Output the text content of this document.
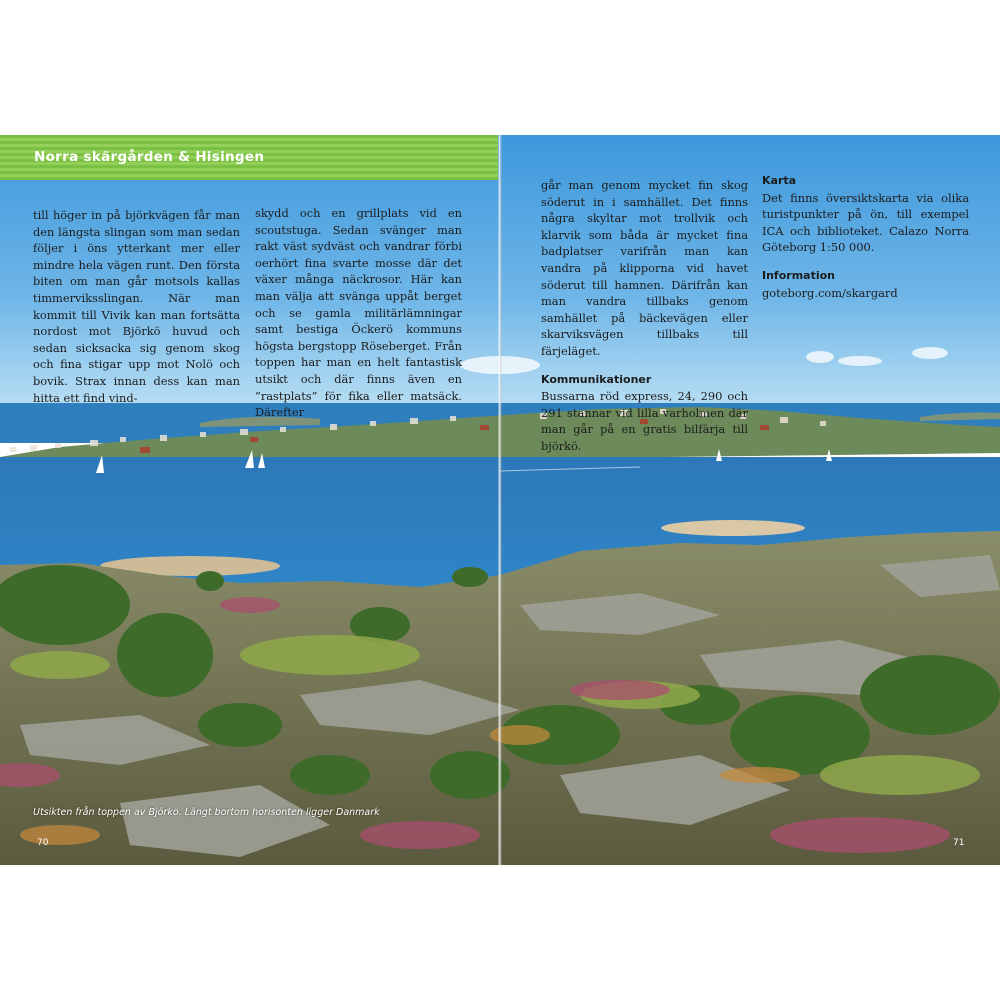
Norra skärgården & Hisingen

till höger in på björkvägen får man den längsta slingan som man sedan följer i öns ytterkant mer eller mindre hela vägen runt. Den första biten om man går motsols kallas timmerviksslingan. När man kommit till Vivik kan man fortsätta nordost mot Björkö huvud och sedan sicksacka sig genom skog och fina stigar upp mot Nolö och bovik. Strax innan dess kan man hitta ett find vind-

skydd och en grillplats vid en scoutstuga. Sedan svänger man rakt väst sydväst och vandrar förbi oerhört fina svarte mosse där det växer många näckrosor. Här kan man välja att svänga uppåt berget och se gamla militärlämningar samt bestiga Öckerö kommuns högsta bergstopp Röseberget. Från toppen har man en helt fantastisk utsikt och där finns även en ”rastplats” för fika eller matsäck. Därefter

går man genom mycket fin skog söderut in i samhället. Det finns några skyltar mot trollvik och klarvik som båda är mycket fina badplatser varifrån man kan vandra på klipporna vid havet söderut till hamnen. Därifrån kan man vandra tillbaks genom samhället på bäckevägen eller skarviksvägen tillbaks till färjeläget.

Kommunikationer

Bussarna röd express, 24, 290 och 291 stannar vid lilla varholmen där man går på en gratis bilfärja till björkö.

Karta

Det finns översiktskarta via olika turistpunkter på ön, till exempel ICA och biblioteket. Calazo Norra Göteborg 1:50 000.

Information

goteborg.com/skargard

Utsikten från toppen av Björkö. Längt bortom horisonten ligger Danmark
70	71
